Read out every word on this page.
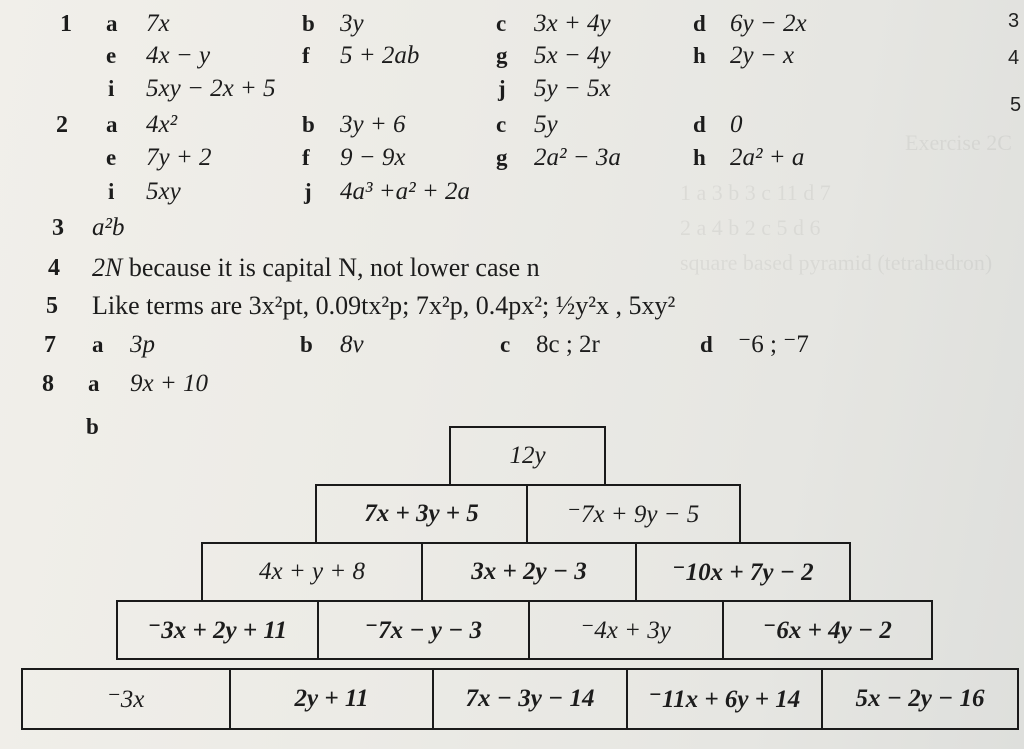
Exercise 2C
1 a 3 b 3 c 11 d 7
2 a 4 b 2 c 5 d 6
square based pyramid (tetrahedron)
3
4
5
1 a 7x	b 3y	c 3x + 4y	d 6y − 2x
e 4x − y	f 5 + 2ab	g 5x − 4y	h 2y − x
i 5xy − 2x + 5	j 5y − 5x
2 a 4x²	b 3y + 6	c 5y	d 0
e 7y + 2	f 9 − 9x	g 2a² − 3a	h 2a² + a
i 5xy	j 4a³ +a² + 2a
3 a²b
4 2N because it is capital N, not lower case n
5 Like terms are 3x²pt, 0.09tx²p; 7x²p, 0.4px²; ½y²x , 5xy²
7 a 3p	b 8v	c 8c ; 2r	d ⁻6 ; ⁻7
8 a 9x + 10
b
12y
7x + 3y + 5	⁻7x + 9y − 5
4x + y + 8	3x + 2y − 3	⁻10x + 7y − 2
⁻3x + 2y + 11	⁻7x − y − 3	⁻4x + 3y	⁻6x + 4y − 2
⁻3x	2y + 11	7x − 3y − 14	⁻11x + 6y + 14	5x − 2y − 16
